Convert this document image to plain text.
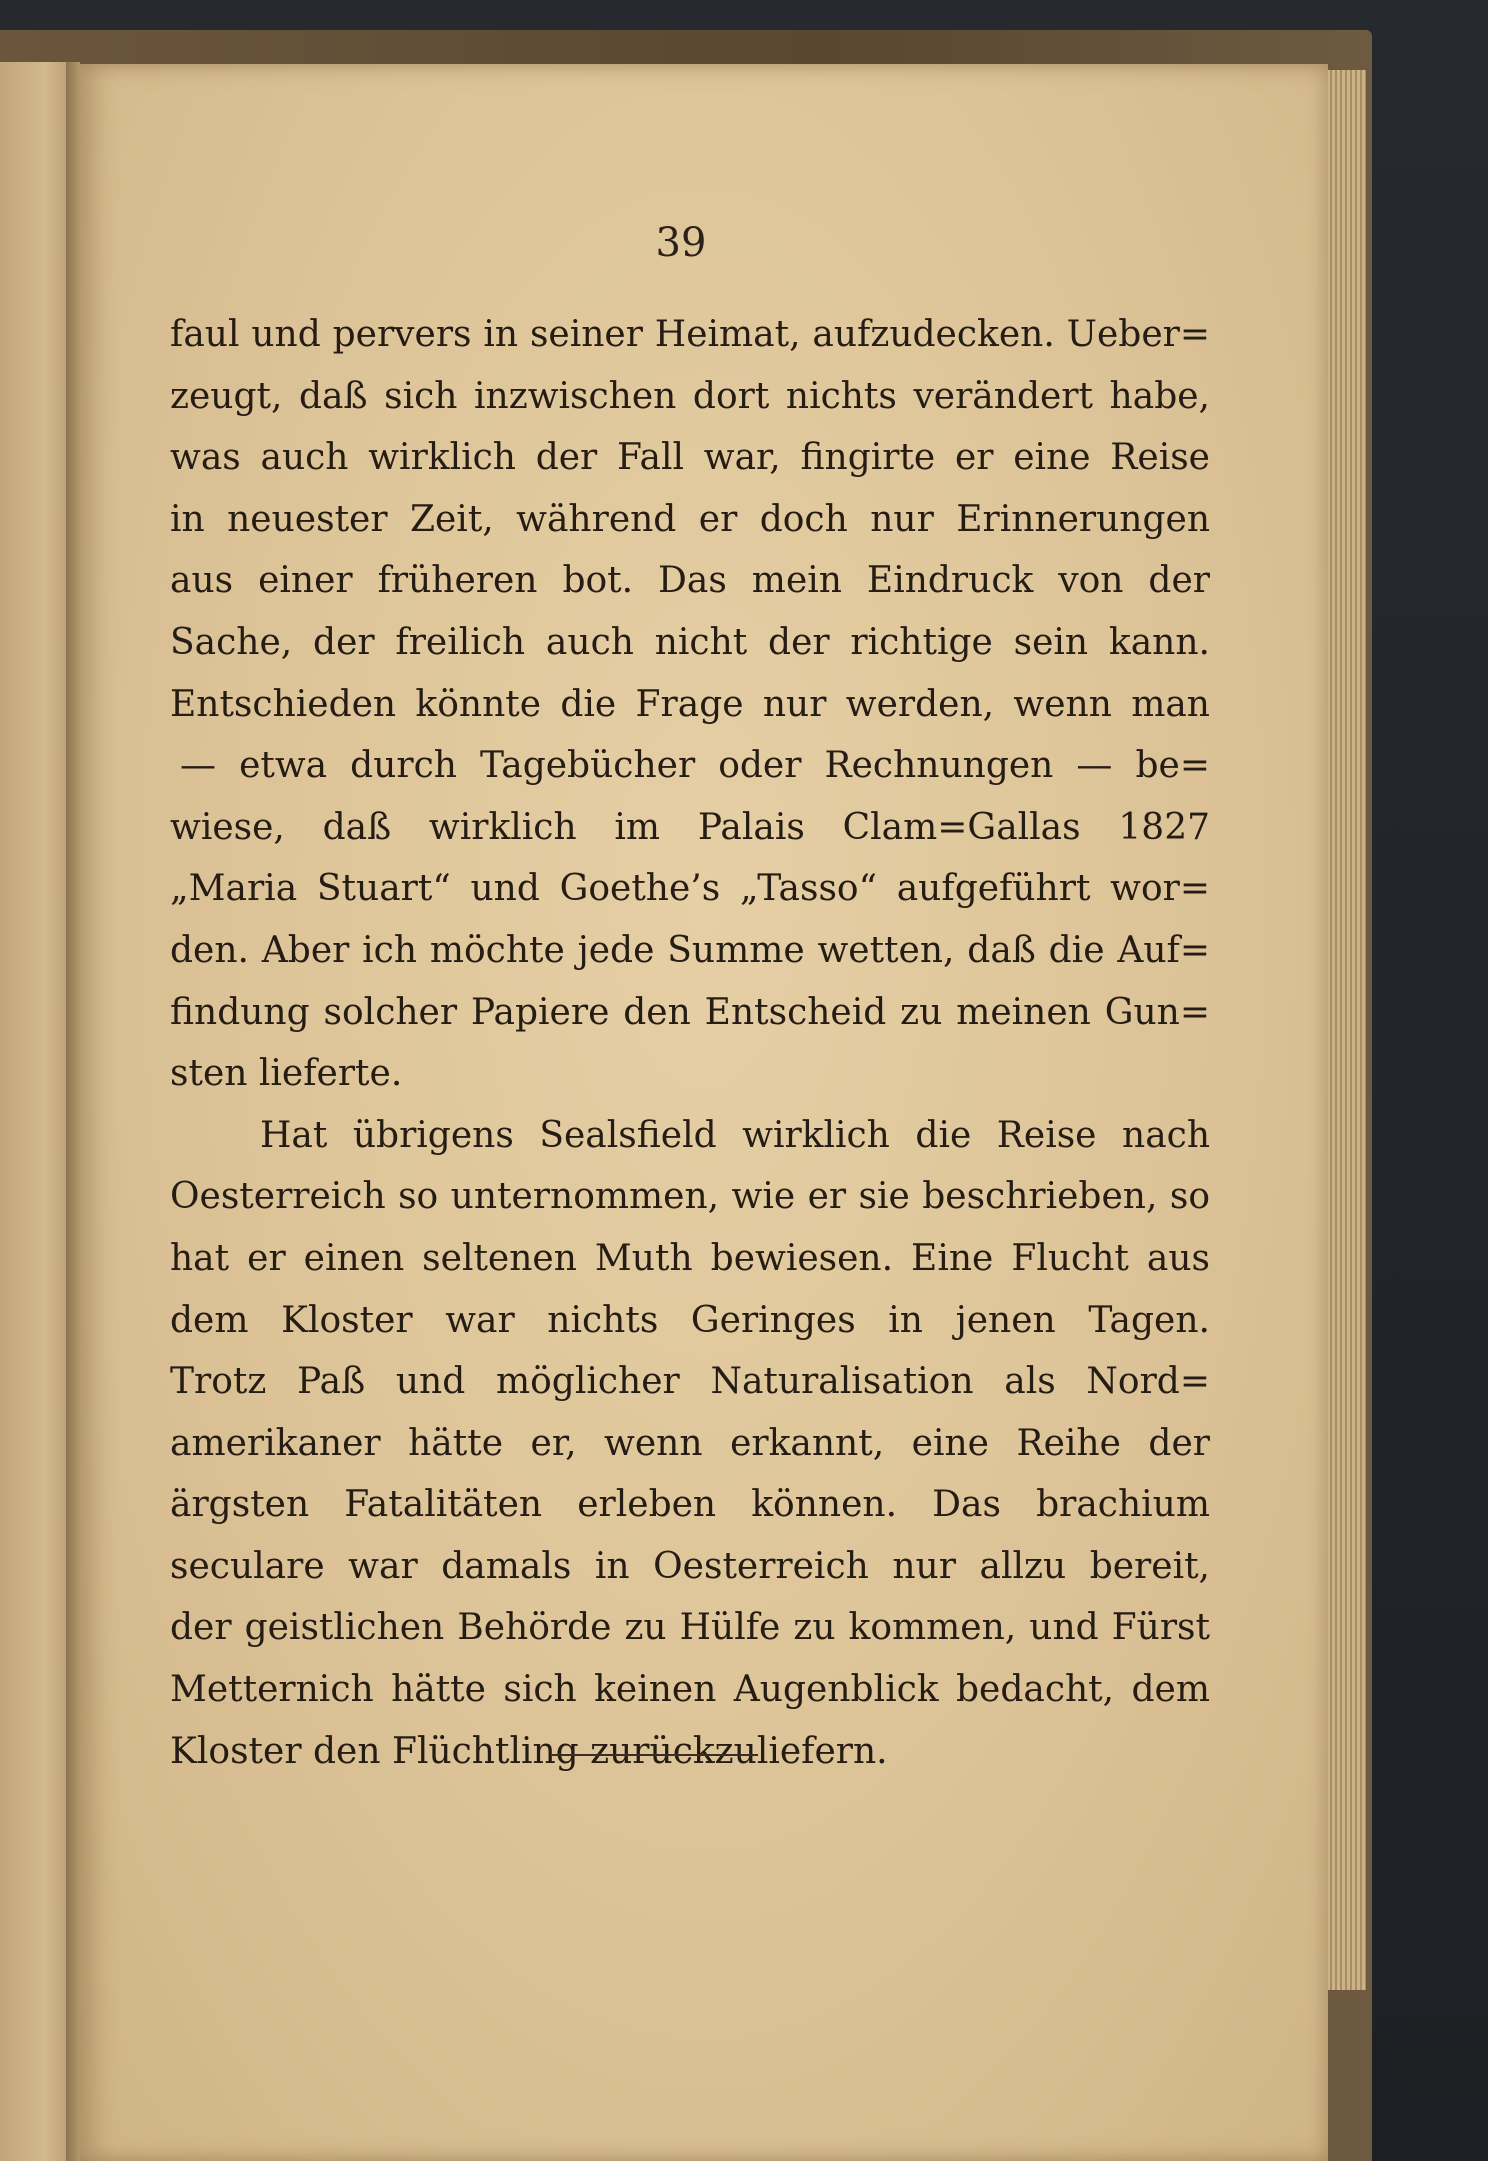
39
faul und pervers in seiner Heimat, aufzudecken. Ueber=
zeugt, daß sich inzwischen dort nichts verändert habe,
was auch wirklich der Fall war, fingirte er eine Reise
in neuester Zeit, während er doch nur Erinnerungen
aus einer früheren bot. Das mein Eindruck von der
Sache, der freilich auch nicht der richtige sein kann.
Entschieden könnte die Frage nur werden, wenn man
— etwa durch Tagebücher oder Rechnungen — be=
wiese, daß wirklich im Palais Clam=Gallas 1827
„Maria Stuart“ und Goethe’s „Tasso“ aufgeführt wor=
den. Aber ich möchte jede Summe wetten, daß die Auf=
findung solcher Papiere den Entscheid zu meinen Gun=
sten lieferte.
Hat übrigens Sealsfield wirklich die Reise nach
Oesterreich so unternommen, wie er sie beschrieben, so
hat er einen seltenen Muth bewiesen. Eine Flucht aus
dem Kloster war nichts Geringes in jenen Tagen.
Trotz Paß und möglicher Naturalisation als Nord=
amerikaner hätte er, wenn erkannt, eine Reihe der
ärgsten Fatalitäten erleben können. Das brachium
seculare war damals in Oesterreich nur allzu bereit,
der geistlichen Behörde zu Hülfe zu kommen, und Fürst
Metternich hätte sich keinen Augenblick bedacht, dem
Kloster den Flüchtling zurückzuliefern.
